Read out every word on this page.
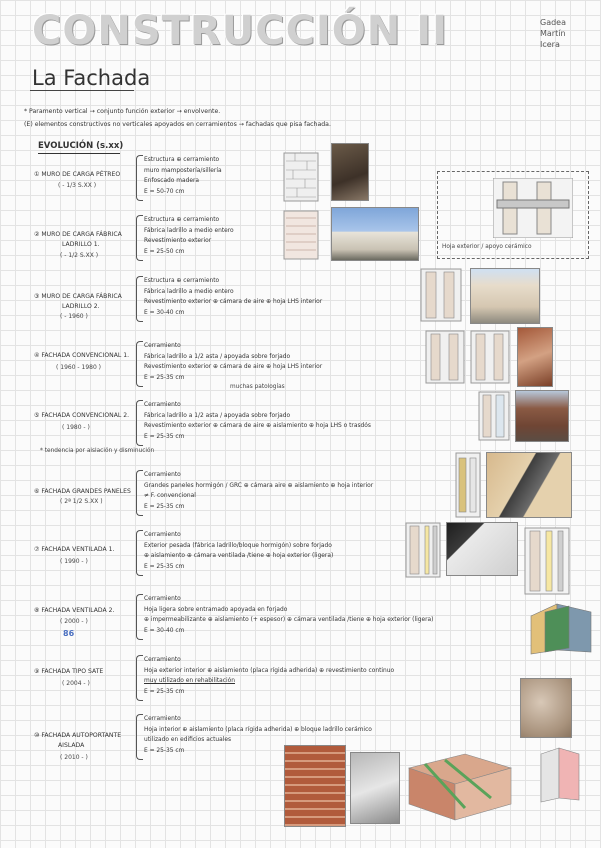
CONSTRUCCIÓN II	Gadea
Martín
Icera
La Fachada
* Paramento vertical → conjunto función exterior → envolvente.
(E) elementos constructivos no verticales apoyados en cerramientos → fachadas que pisa fachada.
EVOLUCIÓN (s.xx)
① MURO DE CARGA PÉTREO
( - 1/3 S.XX )
Estructura ⊕ cerramiento
muro mampostería/sillería
Enfoscado madera
E = 50-70 cm
② MURO DE CARGA FÁBRICA
LADRILLO 1.
( - 1/2 S.XX )
Estructura ⊕ cerramiento
Fábrica ladrillo a medio entero
Revestimiento exterior
E = 25-50 cm
Hoja exterior / apoyo cerámico
③ MURO DE CARGA FÁBRICA
LADRILLO 2.
( - 1960 )
Estructura ⊕ cerramiento
Fábrica ladrillo a medio entero
Revestimiento exterior ⊕ cámara de aire ⊕ hoja LHS interior
E = 30-40 cm
④ FACHADA CONVENCIONAL 1.
( 1960 - 1980 )
Cerramiento
Fábrica ladrillo a 1/2 asta / apoyada sobre forjado
Revestimiento exterior ⊕ cámara de aire ⊕ hoja LHS interior
E = 25-35 cm
muchas patologías
⑤ FACHADA CONVENCIONAL 2.
( 1980 - )
Cerramiento
Fábrica ladrillo a 1/2 asta / apoyada sobre forjado
Revestimiento exterior ⊕ cámara de aire ⊕ aislamiento ⊕ hoja LHS o trasdós
E = 25-35 cm
* tendencia por aislación y disminución
⑥ FACHADA GRANDES PANELES
( 2ª 1/2 S.XX )
Cerramiento
Grandes paneles hormigón / GRC ⊕ cámara aire ⊕ aislamiento ⊕ hoja interior
≠ F. convencional
E = 25-35 cm
⑦ FACHADA VENTILADA 1.
( 1990 - )
Cerramiento
Exterior pesada (fábrica ladrillo/bloque hormigón) sobre forjado
⊕ aislamiento ⊕ cámara ventilada /tiene ⊕ hoja exterior (ligera)
E = 25-35 cm
⑧ FACHADA VENTILADA 2.
( 2000 - )
86
Cerramiento
Hoja ligera sobre entramado apoyada en forjado
⊕ impermeabilizante ⊕ aislamiento (+ espesor) ⊕ cámara ventilada /tiene ⊕ hoja exterior (ligera)
E = 30-40 cm
⑨ FACHADA TIPO SATE
( 2004 - )
Cerramiento
Hoja exterior interior ⊕ aislamiento (placa rígida adherida) ⊕ revestimiento continuo
muy utilizado en rehabilitación
E = 25-35 cm
⑩ FACHADA AUTOPORTANTE
AISLADA
( 2010 - )
Cerramiento
Hoja interior ⊕ aislamiento (placa rígida adherida) ⊕ bloque ladrillo cerámico
utilizado en edificios actuales
E = 25-35 cm
